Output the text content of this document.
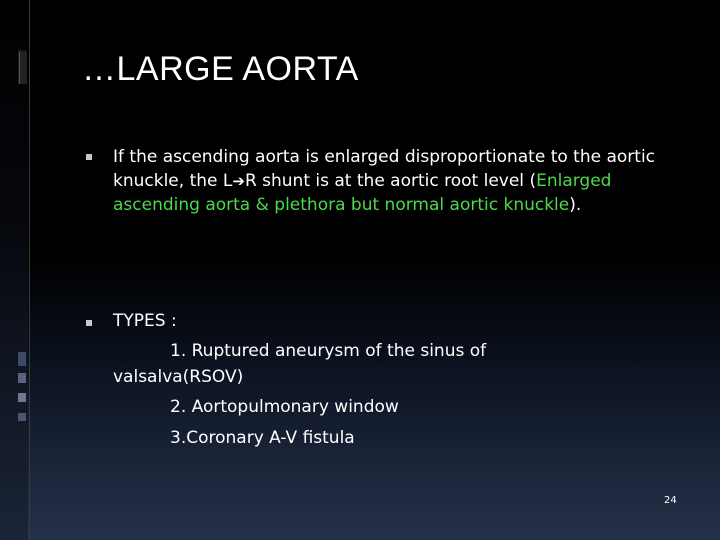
…LARGE AORTA
If the ascending aorta is enlarged disproportionate to the aortic knuckle, the L➔R shunt is at the aortic root level (Enlarged ascending aorta & plethora but normal aortic knuckle).
TYPES :
1. Ruptured aneurysm of the sinus of
valsalva(RSOV)
2. Aortopulmonary window
3.Coronary A-V fistula
24
